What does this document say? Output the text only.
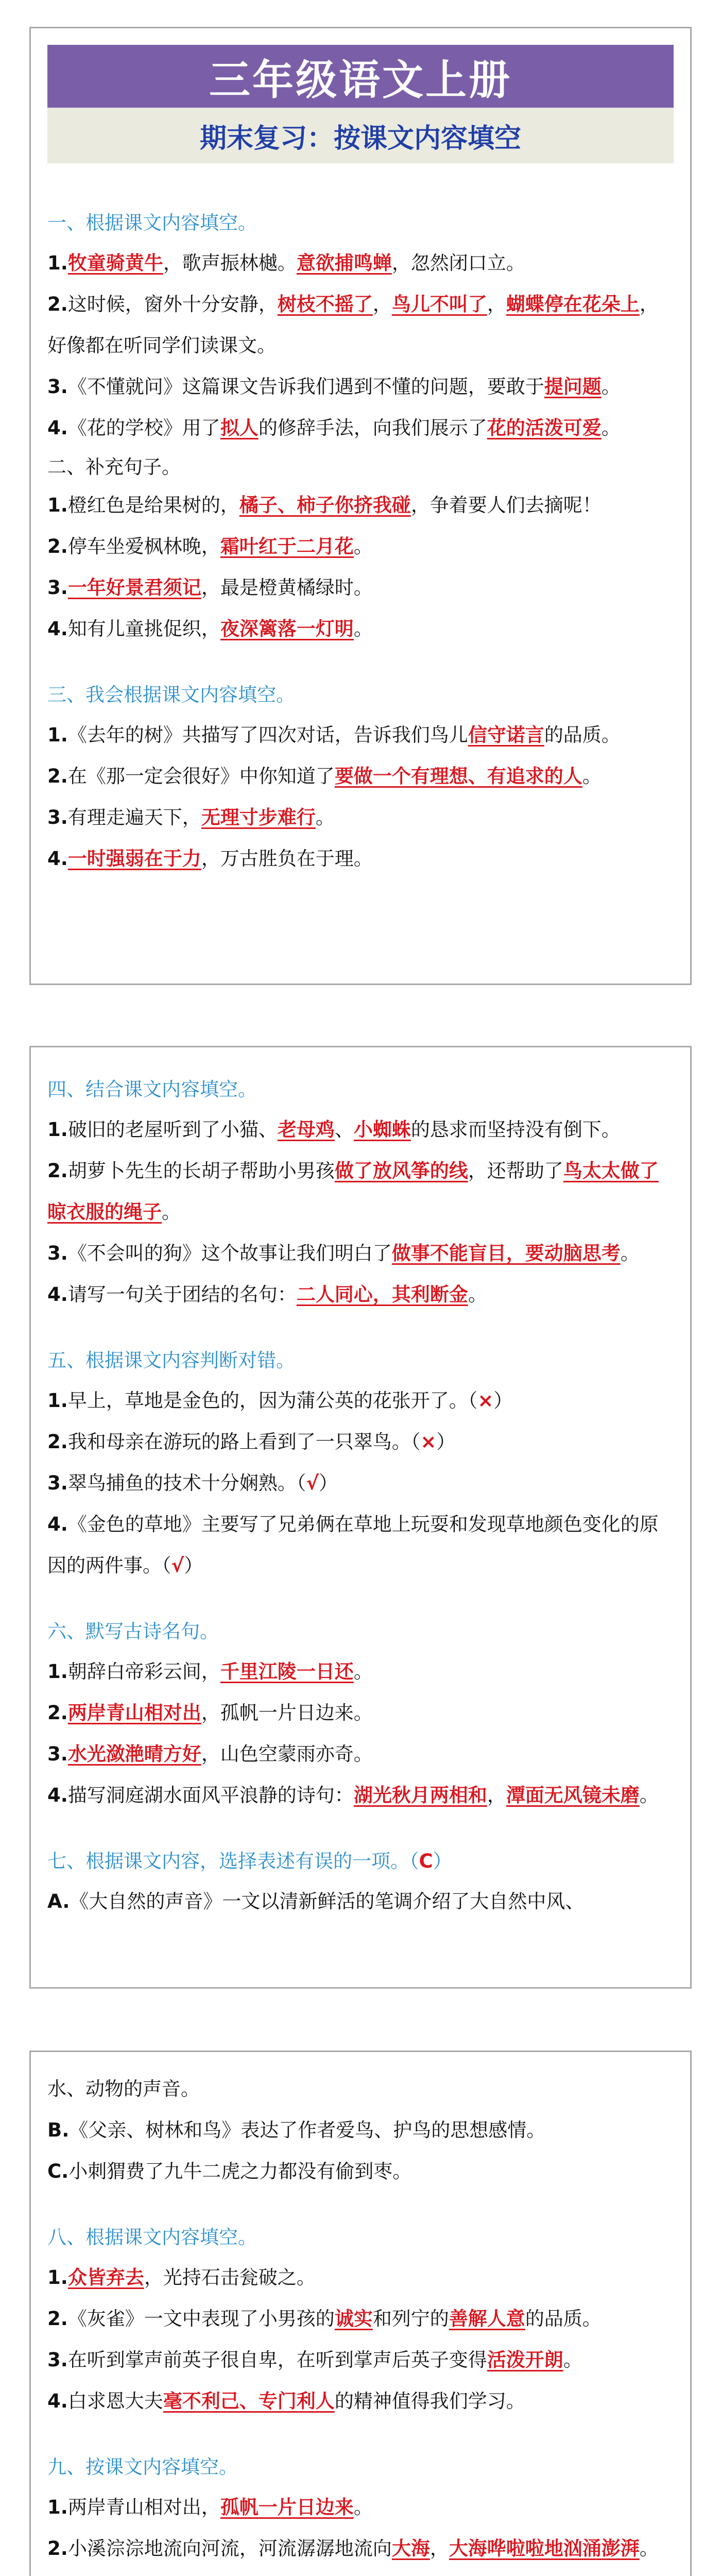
三年级语文上册
期末复习：按课文内容填空

一、根据课文内容填空。

1.牧童骑黄牛，歌声振林樾。意欲捕鸣蝉，忽然闭口立。

2.这时候，窗外十分安静，树枝不摇了，鸟儿不叫了，蝴蝶停在花朵上，好像都在听同学们读课文。

3.《不懂就问》这篇课文告诉我们遇到不懂的问题，要敢于提问题。

4.《花的学校》用了拟人的修辞手法，向我们展示了花的活泼可爱。

二、补充句子。

1.橙红色是给果树的，橘子、柿子你挤我碰，争着要人们去摘呢！

2.停车坐爱枫林晚，霜叶红于二月花。

3.一年好景君须记，最是橙黄橘绿时。

4.知有儿童挑促织，夜深篱落一灯明。

三、我会根据课文内容填空。

1.《去年的树》共描写了四次对话，告诉我们鸟儿信守诺言的品质。

2.在《那一定会很好》中你知道了要做一个有理想、有追求的人。

3.有理走遍天下，无理寸步难行。

4.一时强弱在于力，万古胜负在于理。

四、结合课文内容填空。

1.破旧的老屋听到了小猫、老母鸡、小蜘蛛的恳求而坚持没有倒下。

2.胡萝卜先生的长胡子帮助小男孩做了放风筝的线，还帮助了鸟太太做了晾衣服的绳子。

3.《不会叫的狗》这个故事让我们明白了做事不能盲目，要动脑思考。

4.请写一句关于团结的名句：二人同心，其利断金。

五、根据课文内容判断对错。

1.早上，草地是金色的，因为蒲公英的花张开了。（×）

2.我和母亲在游玩的路上看到了一只翠鸟。（×）

3.翠鸟捕鱼的技术十分娴熟。（√）

4.《金色的草地》主要写了兄弟俩在草地上玩耍和发现草地颜色变化的原因的两件事。（√）

六、默写古诗名句。

1.朝辞白帝彩云间，千里江陵一日还。

2.两岸青山相对出，孤帆一片日边来。

3.水光潋滟晴方好，山色空蒙雨亦奇。

4.描写洞庭湖水面风平浪静的诗句：湖光秋月两相和，潭面无风镜未磨。

七、根据课文内容，选择表述有误的一项。（C）

A.《大自然的声音》一文以清新鲜活的笔调介绍了大自然中风、

水、动物的声音。

B.《父亲、树林和鸟》表达了作者爱鸟、护鸟的思想感情。

C.小刺猬费了九牛二虎之力都没有偷到枣。

八、根据课文内容填空。

1.众皆弃去，光持石击瓮破之。

2.《灰雀》一文中表现了小男孩的诚实和列宁的善解人意的品质。

3.在听到掌声前英子很自卑，在听到掌声后英子变得活泼开朗。

4.白求恩大夫毫不利己、专门利人的精神值得我们学习。

九、按课文内容填空。

1.两岸青山相对出，孤帆一片日边来。

2.小溪淙淙地流向河流，河流潺潺地流向大海，大海哗啦啦地汹涌澎湃。
